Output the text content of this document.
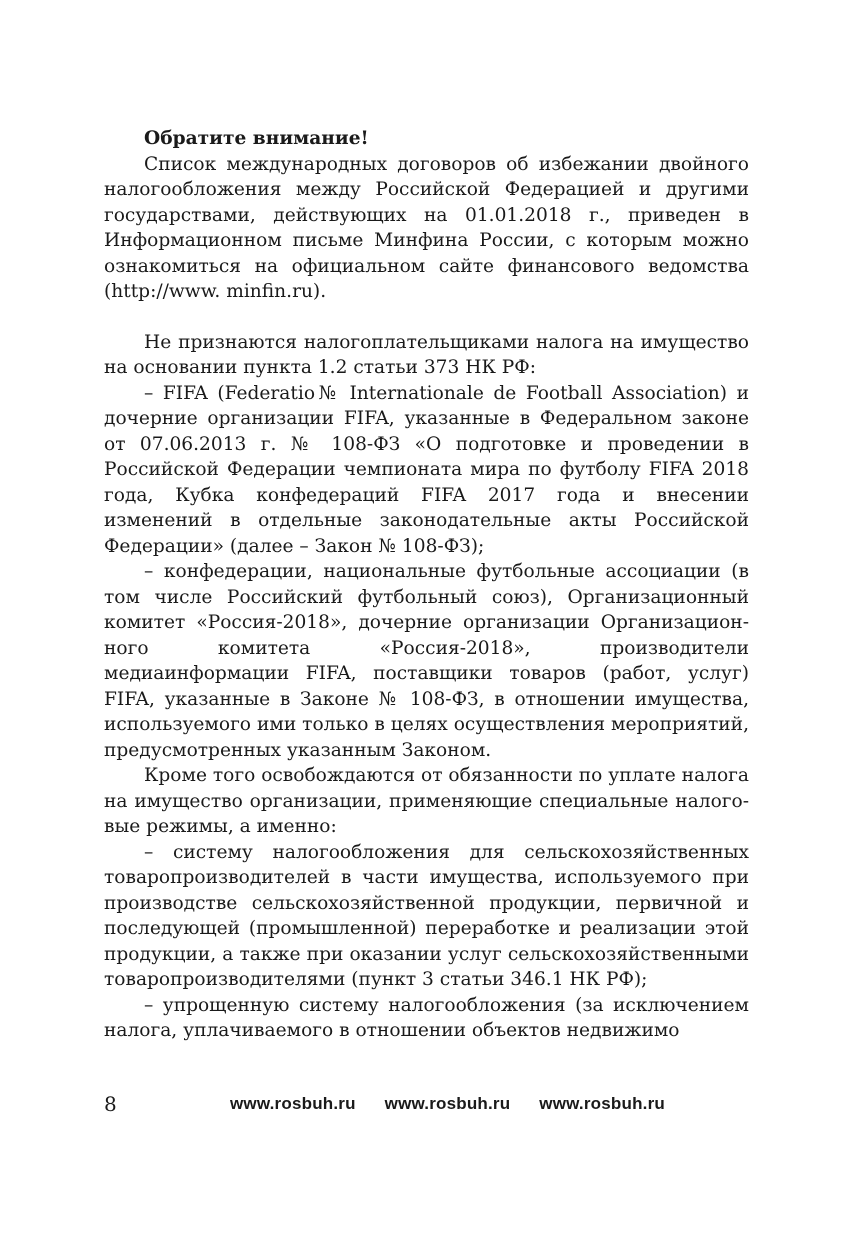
Обратите внимание!

Список международных договоров об избежании двойного налогообложения между Российской Федерацией и другими государствами, действующих на 01.01.2018 г., приведен в Информационном письме Минфина России, с которым можно ознакомиться на официальном сайте финансового ведомства (http://www. minfin.ru).

Не признаются налогоплательщиками налога на имущество на основании пункта 1.2 статьи 373 НК РФ:

– FIFA (Federatio№ Internationale de Football Association) и дочерние организации FIFA, указанные в Федеральном законе от 07.06.2013 г. № 108-ФЗ «О подготовке и проведении в Российской Федерации чемпионата мира по футболу FIFA 2018 года, Кубка конфедераций FIFA 2017 года и внесении изменений в отдельные законодательные акты Российской Федерации» (далее – Закон № 108-ФЗ);

– конфедерации, национальные футбольные ассоциации (в том числе Российский футбольный союз), Организационный комитет «Россия-2018», дочерние организации Организационного комитета «Россия-2018», производители медиаинформации FIFA, поставщики товаров (работ, услуг) FIFA, указанные в Законе № 108-ФЗ, в отношении имущества, используемого ими только в целях осуществления мероприятий, предусмотренных указанным Законом.

Кроме того освобождаются от обязанности по уплате налога на имущество организации, применяющие специальные налоговые режимы, а именно:

– систему налогообложения для сельскохозяйственных товаропроизводителей в части имущества, используемого при производстве сельскохозяйственной продукции, первичной и последующей (промышленной) переработке и реализации этой продукции, а также при оказании услуг сельскохозяйственными товаропроизводителями (пункт 3 статьи 346.1 НК РФ);

– упрощенную систему налогообложения (за исключением налога, уплачиваемого в отношении объектов недвижимо

8	www.rosbuh.ru www.rosbuh.ru www.rosbuh.ru
